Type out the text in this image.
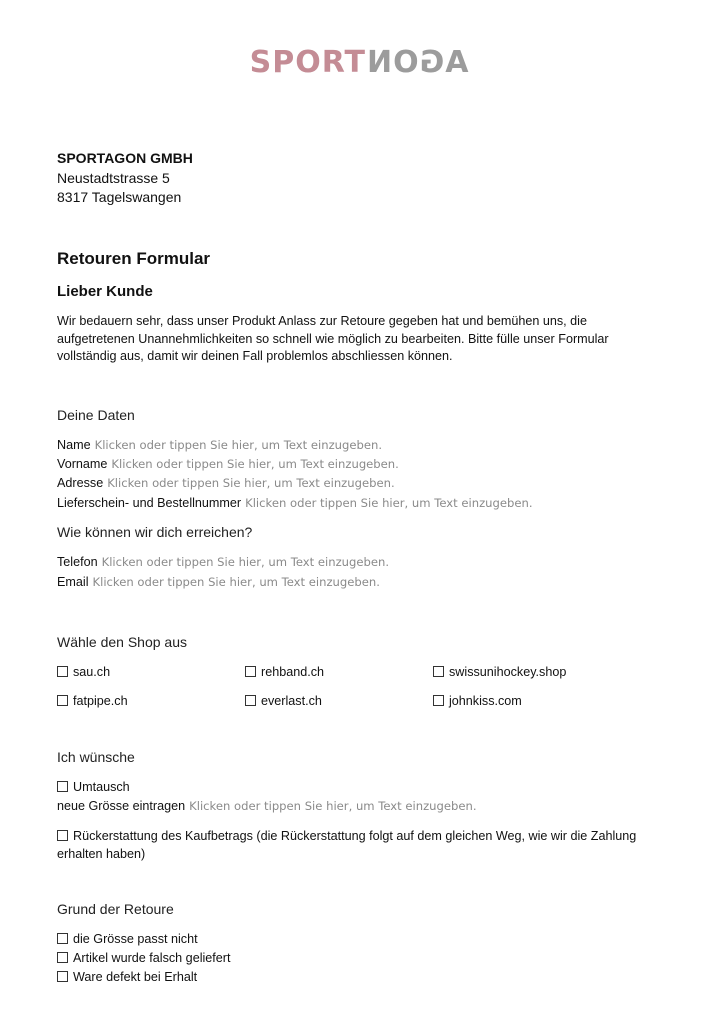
SPORTAGON
SPORTAGON GMBH
Neustadtstrasse 5
8317 Tagelswangen
Retouren Formular
Lieber Kunde
Wir bedauern sehr, dass unser Produkt Anlass zur Retoure gegeben hat und bemühen uns, die aufgetretenen Unannehmlichkeiten so schnell wie möglich zu bearbeiten. Bitte fülle unser Formular vollständig aus, damit wir deinen Fall problemlos abschliessen können.
Deine Daten
Name Klicken oder tippen Sie hier, um Text einzugeben.
Vorname Klicken oder tippen Sie hier, um Text einzugeben.
Adresse Klicken oder tippen Sie hier, um Text einzugeben.
Lieferschein- und Bestellnummer Klicken oder tippen Sie hier, um Text einzugeben.
Wie können wir dich erreichen?
Telefon Klicken oder tippen Sie hier, um Text einzugeben.
Email Klicken oder tippen Sie hier, um Text einzugeben.
Wähle den Shop aus
sau.ch	rehband.ch	swissunihockey.shop
fatpipe.ch	everlast.ch	johnkiss.com
Ich wünsche
Umtausch
neue Grösse eintragen Klicken oder tippen Sie hier, um Text einzugeben.
Rückerstattung des Kaufbetrags (die Rückerstattung folgt auf dem gleichen Weg, wie wir die Zahlung erhalten haben)
Grund der Retoure
die Grösse passt nicht
Artikel wurde falsch geliefert
Ware defekt bei Erhalt
